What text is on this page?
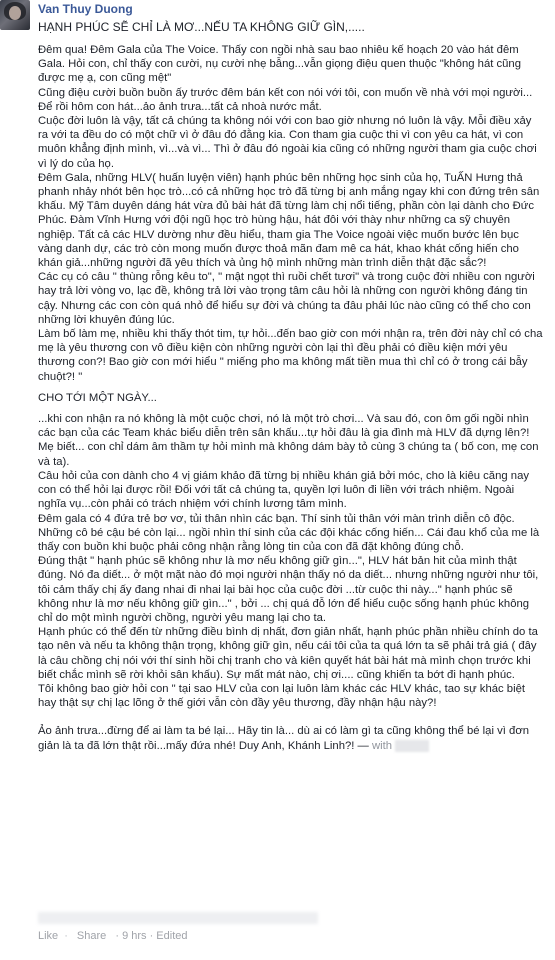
Van Thuy Duong
HẠNH PHÚC SẼ CHỈ LÀ MƠ...NẾU TA KHÔNG GIỮ GÌN,.....

Đêm qua! Đêm Gala của The Voice. Thấy con ngồi nhà sau bao nhiêu kế hoạch 20 vào hát đêm Gala. Hỏi con, chỉ thấy con cười, nụ cười nhẹ bẫng...vẫn giọng điệu quen thuộc "không hát cũng được mẹ ạ, con cũng mệt"

Cũng điệu cười buồn buồn ấy trước đêm bán kết con nói với tôi, con muốn về nhà với mọi người... Để rồi hôm con hát...ảo ảnh trưa...tất cả nhoà nước mắt.

Cuộc đời luôn là vậy, tất cả chúng ta không nói với con bao giờ nhưng nó luôn là vậy. Mỗi điều xảy ra với ta đều do có một chữ vì ở đâu đó đằng kia. Con tham gia cuộc thi vì con yêu ca hát, vì con muôn khẳng định mình, vì...và vì... Thì ở đâu đó ngoài kia cũng có những người tham gia cuộc chơi vì lý do của họ.

Đêm Gala, những HLV( huấn luyện viên) hạnh phúc bên những học sinh của họ, TuẤN Hưng thả phanh nhảy nhót bên học trò...có cả những học trò đã từng bị anh mắng ngay khi con đứng trên sân khấu. Mỹ Tâm duyên dáng hát vừa đủ bài hát đã từng làm chị nổi tiếng, phần còn lại dành cho Đức Phúc. Đàm Vĩnh Hưng với đội ngũ học trò hùng hậu, hát đôi với thày như những ca sỹ chuyên nghiệp. Tất cả các HLV dường như đều hiểu, tham gia The Voice ngoài việc muốn bước lên bục vàng danh dự, các trò còn mong muốn được thoả mãn đam mê ca hát, khao khát cống hiến cho khán giả...những người đã yêu thích và ủng hộ mình những màn trình diễn thật đặc sắc?!

Các cụ có câu " thùng rỗng kêu to", " mật ngọt thì ruồi chết tươi" và trong cuộc đời nhiều con người hay trả lời vòng vo, lạc đề, không trả lời vào trọng tâm câu hỏi là những con người không đáng tin cậy. Nhưng các con còn quá nhỏ để hiểu sự đời và chúng ta đâu phải lúc nào cũng có thể cho con những lời khuyên đúng lúc.

Làm bố làm mẹ, nhiều khi thấy thót tim, tự hỏi...đến bao giờ con mới nhận ra, trên đời này chỉ có cha mẹ là yêu thương con vô điều kiện còn những người còn lại thì đều phải có điều kiện mới yêu thương con?! Bao giờ con mới hiểu " miếng pho ma không mất tiền mua thì chỉ có ở trong cái bẫy chuột?! "

CHO TỚI MỘT NGÀY...

...khi con nhận ra nó không là một cuộc chơi, nó là một trò chơi... Và sau đó, con ôm gối ngồi nhìn các bạn của các Team khác biểu diễn trên sân khấu...tự hỏi đâu là gia đình mà HLV đã dựng lên?! Mẹ biết... con chỉ dám âm thầm tự hỏi mình mà không dám bày tỏ cùng 3 chúng ta ( bố con, mẹ con và ta).

Câu hỏi của con dành cho 4 vị giám khảo đã từng bị nhiều khán giả bởi móc, cho là kiêu căng nay con có thể hỏi lại được rồi! Đối với tất cả chúng ta, quyền lợi luôn đi liền với trách nhiệm. Ngoài nghĩa vụ...còn phải có trách nhiệm với chính lương tâm mình.

Đêm gala có 4 đứa trẻ bơ vơ, tủi thân nhìn các bạn. Thí sinh tủi thân với màn trình diễn cô độc. Những cô bé cậu bé còn lại... ngồi nhìn thí sinh của các đội khác cống hiến... Cái đau khổ của me là thấy con buồn khi buộc phải công nhận rằng lòng tin của con đã đặt không đúng chỗ.

Đúng thật " hạnh phúc sẽ không như là mơ nếu không giữ gìn...", HLV hát bản hit của mình thật đúng. Nó đa diết... ở một mặt nào đó mọi người nhận thấy nó da diết... nhưng những người như tôi, tôi cảm thấy chị ấy đang nhai đi nhai lại bài học của cuộc đời ...từ cuộc thi này..." hạnh phúc sẽ không như là mơ nếu không giữ gìn..." , bởi ... chị quá đỗ lớn để hiểu cuộc sống hạnh phúc không chỉ do một mình người chồng, người yêu mang lại cho ta.

Hạnh phúc có thể đến từ những điều bình dị nhất, đơn giản nhất, hạnh phúc phần nhiều chính do ta tạo nên và nếu ta không thận trọng, không giữ gìn, nếu cái tôi của ta quá lớn ta sẽ phải trả giá ( đây là câu chồng chị nói với thí sinh hồi chị tranh cho và kiên quyết hát bài hát mà mình chọn trước khi biết chắc mình sẽ rời khỏi sân khấu). Sự mất mát nào, chị ơi.... cũng khiến ta bớt đi hạnh phúc.

Tôi không bao giờ hỏi con " tại sao HLV của con lại luôn làm khác các HLV khác, tao sự khác biệt hay thật sự chị lạc lõng ở thế giới vẫn còn đầy yêu thương, đầy nhận hậu này?!

Ảo ảnh trưa...đừng để ai làm ta bé lại... Hãy tin là... dù ai có làm gì ta cũng không thể bé lại vì đơn giản là ta đã lớn thật rồi...mấy đứa nhé! Duy Anh, Khánh Linh?! — with

Like · Share · 9 hrs · Edited
